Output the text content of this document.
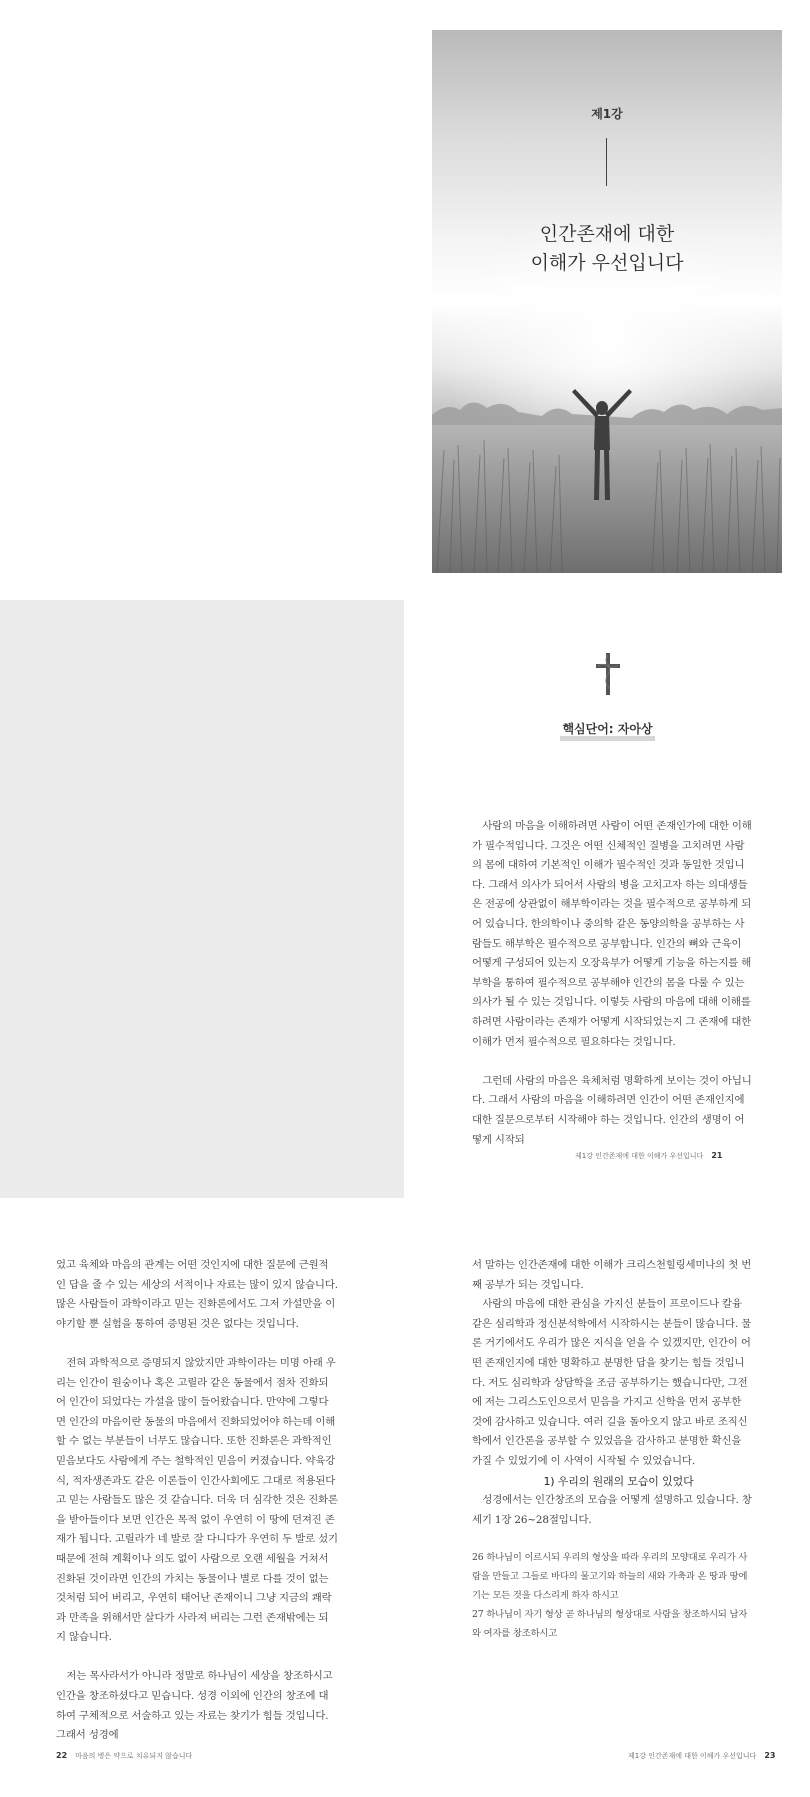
제1강
인간존재에 대한
이해가 우선입니다
핵심단어: 자아상

사람의 마음을 이해하려면 사람이 어떤 존재인가에 대한 이해가 필수적입니다. 그것은 어떤 신체적인 질병을 고치려면 사람의 몸에 대하여 기본적인 이해가 필수적인 것과 동일한 것입니다. 그래서 의사가 되어서 사람의 병을 고치고자 하는 의대생들은 전공에 상관없이 해부학이라는 것을 필수적으로 공부하게 되어 있습니다. 한의학이나 중의학 같은 동양의학을 공부하는 사람들도 해부학은 필수적으로 공부합니다. 인간의 뼈와 근육이 어떻게 구성되어 있는지 오장육부가 어떻게 기능을 하는지를 해부학을 통하여 필수적으로 공부해야 인간의 몸을 다룰 수 있는 의사가 될 수 있는 것입니다. 이렇듯 사람의 마음에 대해 이해를 하려면 사람이라는 존재가 어떻게 시작되었는지 그 존재에 대한 이해가 먼저 필수적으로 필요하다는 것입니다.

그런데 사람의 마음은 육체처럼 명확하게 보이는 것이 아닙니다. 그래서 사람의 마음을 이해하려면 인간이 어떤 존재인지에 대한 질문으로부터 시작해야 하는 것입니다. 인간의 생명이 어떻게 시작되

제1강 인간존재에 대한 이해가 우선입니다 21

었고 육체와 마음의 관계는 어떤 것인지에 대한 질문에 근원적인 답을 줄 수 있는 세상의 서적이나 자료는 많이 있지 않습니다. 많은 사람들이 과학이라고 믿는 진화론에서도 그저 가설만을 이야기할 뿐 실험을 통하여 증명된 것은 없다는 것입니다.

전혀 과학적으로 증명되지 않았지만 과학이라는 미명 아래 우리는 인간이 원숭이나 혹은 고릴라 같은 동물에서 점차 진화되어 인간이 되었다는 가설을 많이 들어왔습니다. 만약에 그렇다면 인간의 마음이란 동물의 마음에서 진화되었어야 하는데 이해할 수 없는 부분들이 너무도 많습니다. 또한 진화론은 과학적인 믿음보다도 사람에게 주는 철학적인 믿음이 커졌습니다. 약육강식, 적자생존과도 같은 이론들이 인간사회에도 그대로 적용된다고 믿는 사람들도 많은 것 같습니다. 더욱 더 심각한 것은 진화론을 받아들이다 보면 인간은 목적 없이 우연히 이 땅에 던져진 존재가 됩니다. 고릴라가 네 발로 잘 다니다가 우연히 두 발로 섰기 때문에 전혀 계획이나 의도 없이 사람으로 오랜 세월을 거쳐서 진화된 것이라면 인간의 가치는 동물이나 별로 다를 것이 없는 것처럼 되어 버리고, 우연히 태어난 존재이니 그냥 지금의 쾌락과 만족을 위해서만 살다가 사라져 버리는 그런 존재밖에는 되지 않습니다.

저는 목사라서가 아니라 정말로 하나님이 세상을 창조하시고 인간을 창조하셨다고 믿습니다. 성경 이외에 인간의 창조에 대하여 구체적으로 서술하고 있는 자료는 찾기가 힘들 것입니다. 그래서 성경에

서 말하는 인간존재에 대한 이해가 크리스천힐링세미나의 첫 번째 공부가 되는 것입니다.

사람의 마음에 대한 관심을 가지신 분들이 프로이드나 칼융 같은 심리학과 정신분석학에서 시작하시는 분들이 많습니다. 물론 거기에서도 우리가 많은 지식을 얻을 수 있겠지만, 인간이 어떤 존재인지에 대한 명확하고 분명한 답을 찾기는 힘들 것입니다. 저도 심리학과 상담학을 조금 공부하기는 했습니다만, 그전에 저는 그리스도인으로서 믿음을 가지고 신학을 먼저 공부한 것에 감사하고 있습니다. 여러 길을 돌아오지 않고 바로 조직신학에서 인간론을 공부할 수 있었음을 감사하고 분명한 확신을 가질 수 있었기에 이 사역이 시작될 수 있었습니다.

1) 우리의 원래의 모습이 있었다

성경에서는 인간창조의 모습을 어떻게 설명하고 있습니다. 창세기 1장 26~28절입니다.

26 하나님이 이르시되 우리의 형상을 따라 우리의 모양대로 우리가 사람을 만들고 그들로 바다의 물고기와 하늘의 새와 가축과 온 땅과 땅에 기는 모든 것을 다스리게 하자 하시고

27 하나님이 자기 형상 곧 하나님의 형상대로 사람을 창조하시되 남자와 여자를 창조하시고

22 마음의 병은 약으로 치유되지 않습니다	제1강 인간존재에 대한 이해가 우선입니다 23
